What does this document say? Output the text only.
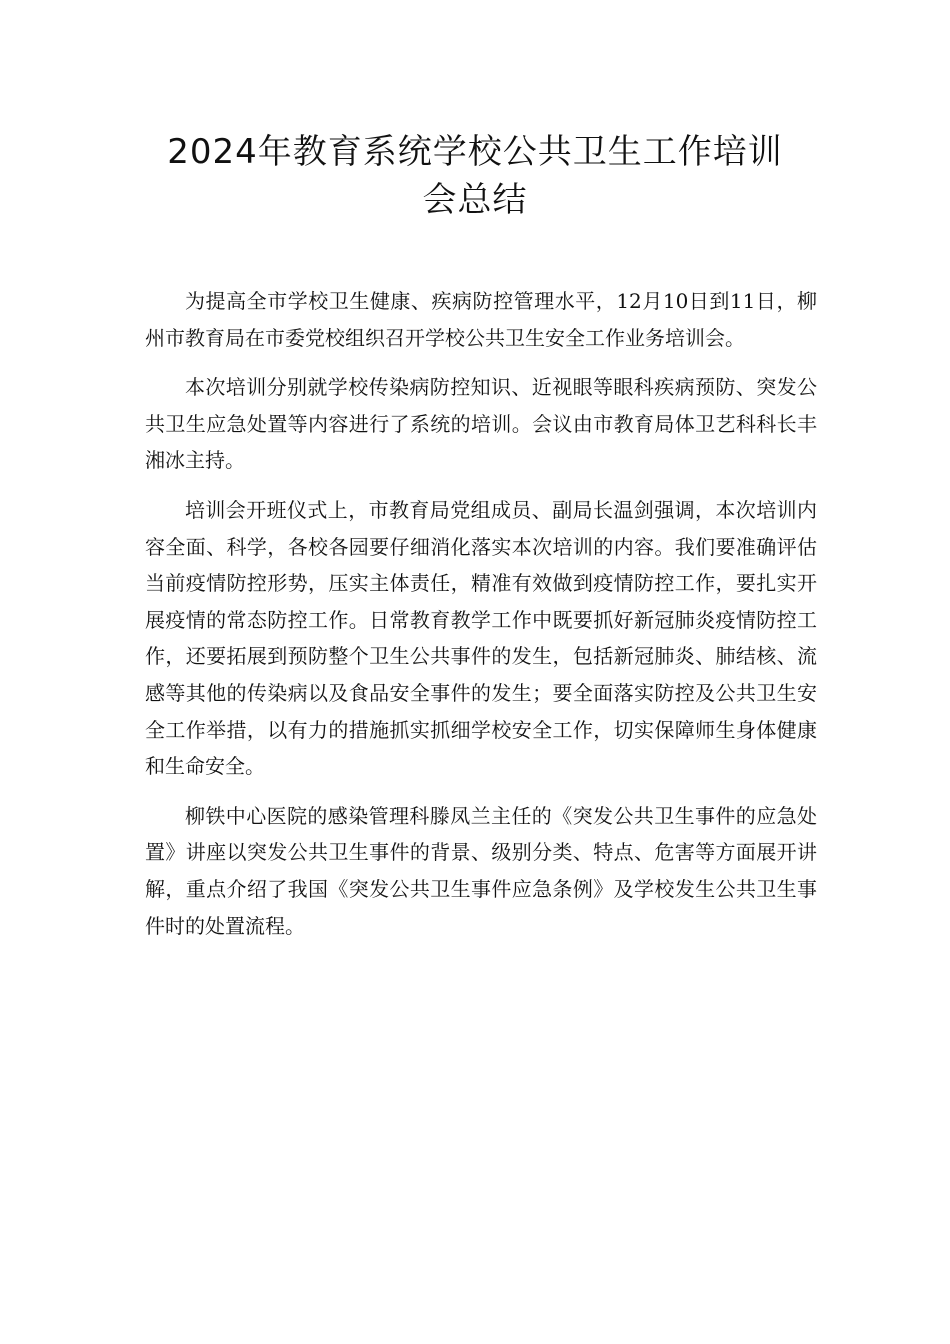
2024年教育系统学校公共卫生工作培训
会总结

为提高全市学校卫生健康、疾病防控管理水平，12月10日到11日，柳州市教育局在市委党校组织召开学校公共卫生安全工作业务培训会。

本次培训分别就学校传染病防控知识、近视眼等眼科疾病预防、突发公共卫生应急处置等内容进行了系统的培训。会议由市教育局体卫艺科科长丰湘冰主持。

培训会开班仪式上，市教育局党组成员、副局长温剑强调，本次培训内容全面、科学，各校各园要仔细消化落实本次培训的内容。我们要准确评估当前疫情防控形势，压实主体责任，精准有效做到疫情防控工作，要扎实开展疫情的常态防控工作。日常教育教学工作中既要抓好新冠肺炎疫情防控工作，还要拓展到预防整个卫生公共事件的发生，包括新冠肺炎、肺结核、流感等其他的传染病以及食品安全事件的发生；要全面落实防控及公共卫生安全工作举措，以有力的措施抓实抓细学校安全工作，切实保障师生身体健康和生命安全。

柳铁中心医院的感染管理科滕凤兰主任的《突发公共卫生事件的应急处置》讲座以突发公共卫生事件的背景、级别分类、特点、危害等方面展开讲解，重点介绍了我国《突发公共卫生事件应急条例》及学校发生公共卫生事件时的处置流程。
